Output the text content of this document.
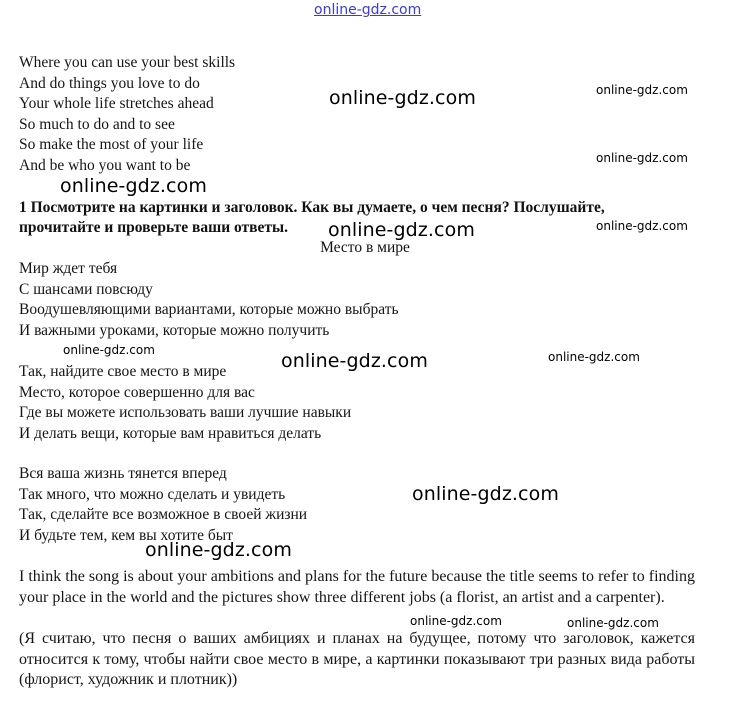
online-gdz.com
Where you can use your best skills
And do things you love to do
Your whole life stretches ahead
So much to do and to see
So make the most of your life
And be who you want to be
1 Посмотрите на картинки и заголовок. Как вы думаете, о чем песня? Послушайте,
прочитайте и проверьте ваши ответы.
Место в мире
Мир ждет тебя
С шансами повсюду
Воодушевляющими вариантами, которые можно выбрать
И важными уроками, которые можно получить
Так, найдите свое место в мире
Место, которое совершенно для вас
Где вы можете использовать ваши лучшие навыки
И делать вещи, которые вам нравиться делать
Вся ваша жизнь тянется вперед
Так много, что можно сделать и увидеть
Так, сделайте все возможное в своей жизни
И будьте тем, кем вы хотите быт
I think the song is about your ambitions and plans for the future because the title seems to refer to finding your place in the world and the pictures show three different jobs (a florist, an artist and a carpenter).
(Я считаю, что песня о ваших амбициях и планах на будущее, потому что заголовок, кажется относится к тому, чтобы найти свое место в мире, а картинки показывают три разных вида работы (флорист, художник и плотник))
online-gdz.com	online-gdz.com
online-gdz.com
online-gdz.com
online-gdz.com	online-gdz.com
online-gdz.com	online-gdz.com	online-gdz.com
online-gdz.com
online-gdz.com
online-gdz.com	online-gdz.com
